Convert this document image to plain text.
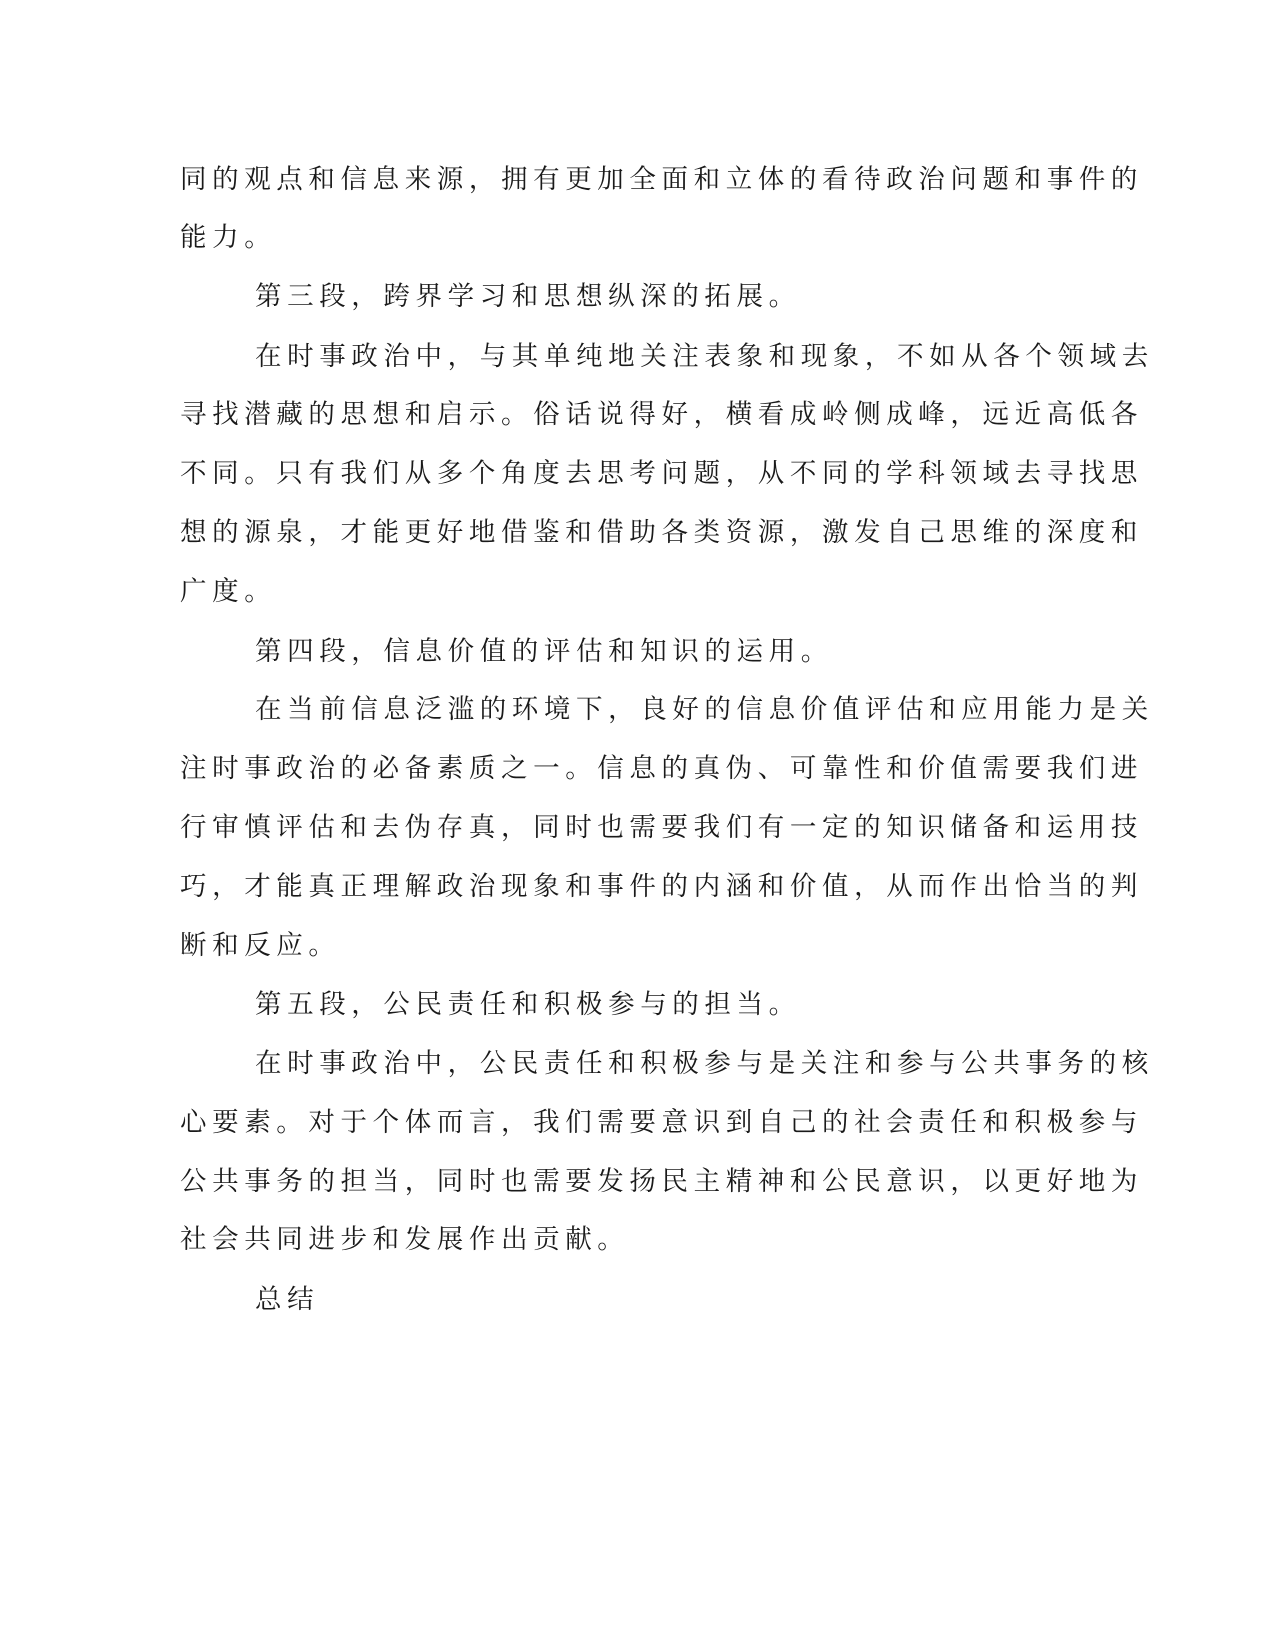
同的观点和信息来源，拥有更加全面和立体的看待政治问题和事件的
能力。
第三段，跨界学习和思想纵深的拓展。
在时事政治中，与其单纯地关注表象和现象，不如从各个领域去
寻找潜藏的思想和启示。俗话说得好，横看成岭侧成峰，远近高低各
不同。只有我们从多个角度去思考问题，从不同的学科领域去寻找思
想的源泉，才能更好地借鉴和借助各类资源，激发自己思维的深度和
广度。
第四段，信息价值的评估和知识的运用。
在当前信息泛滥的环境下，良好的信息价值评估和应用能力是关
注时事政治的必备素质之一。信息的真伪、可靠性和价值需要我们进
行审慎评估和去伪存真，同时也需要我们有一定的知识储备和运用技
巧，才能真正理解政治现象和事件的内涵和价值，从而作出恰当的判
断和反应。
第五段，公民责任和积极参与的担当。
在时事政治中，公民责任和积极参与是关注和参与公共事务的核
心要素。对于个体而言，我们需要意识到自己的社会责任和积极参与
公共事务的担当，同时也需要发扬民主精神和公民意识，以更好地为
社会共同进步和发展作出贡献。
总结
